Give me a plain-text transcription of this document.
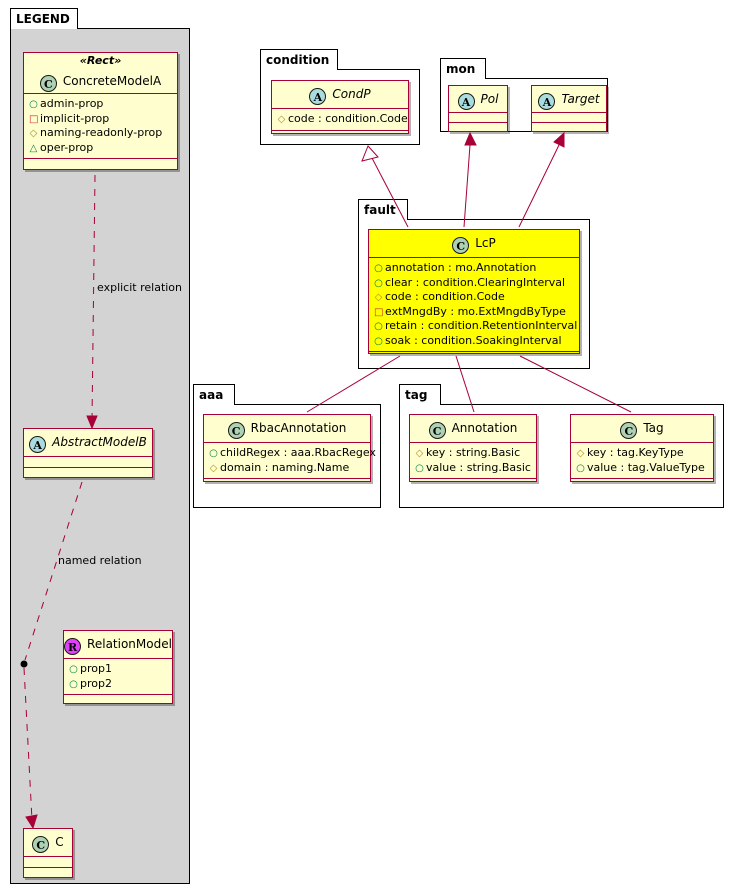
LEGEND
«Rect»
C ConcreteModelA
○ admin-prop
□ implicit-prop
◇ naming-readonly-prop
△ oper-prop
A AbstractModelB
R RelationModel
○ prop1
○ prop2
C C
explicit relation
named relation
condition
A CondP
◇ code : condition.Code
mon
A Pol	A Target
fault
C LcP
○ annotation : mo.Annotation
○ clear : condition.ClearingInterval
◇ code : condition.Code
□ extMngdBy : mo.ExtMngdByType
○ retain : condition.RetentionInterval
○ soak : condition.SoakingInterval
aaa
C RbacAnnotation
○ childRegex : aaa.RbacRegex
◇ domain : naming.Name
tag
C Annotation
◇ key : string.Basic
○ value : string.Basic
C Tag
◇ key : tag.KeyType
○ value : tag.ValueType
